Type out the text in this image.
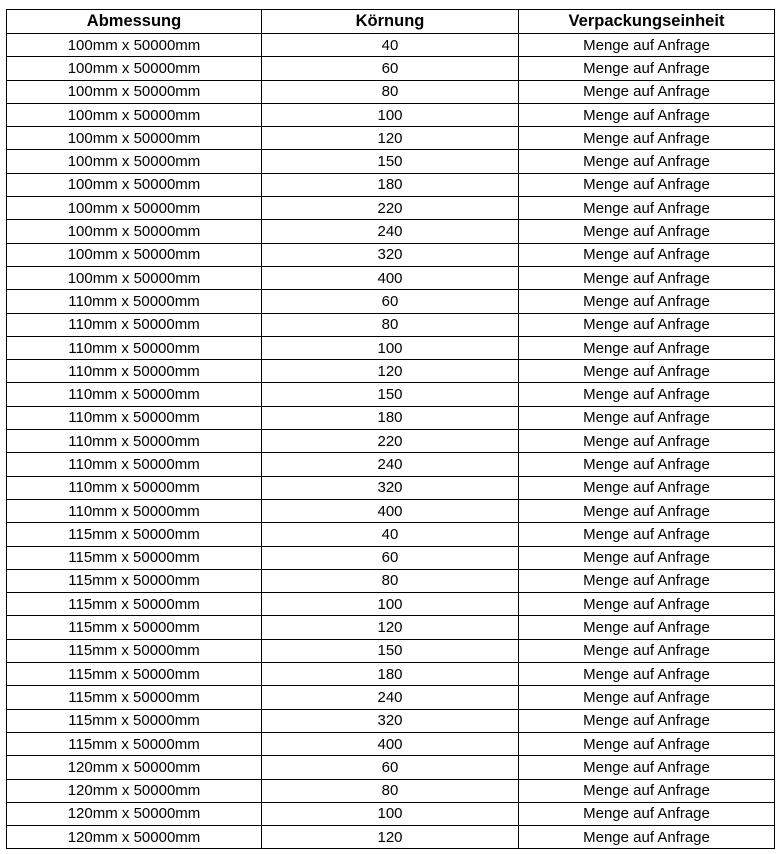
Abmessung	Körnung	Verpackungseinheit
100mm x 50000mm	40	Menge auf Anfrage
100mm x 50000mm	60	Menge auf Anfrage
100mm x 50000mm	80	Menge auf Anfrage
100mm x 50000mm	100	Menge auf Anfrage
100mm x 50000mm	120	Menge auf Anfrage
100mm x 50000mm	150	Menge auf Anfrage
100mm x 50000mm	180	Menge auf Anfrage
100mm x 50000mm	220	Menge auf Anfrage
100mm x 50000mm	240	Menge auf Anfrage
100mm x 50000mm	320	Menge auf Anfrage
100mm x 50000mm	400	Menge auf Anfrage
110mm x 50000mm	60	Menge auf Anfrage
110mm x 50000mm	80	Menge auf Anfrage
110mm x 50000mm	100	Menge auf Anfrage
110mm x 50000mm	120	Menge auf Anfrage
110mm x 50000mm	150	Menge auf Anfrage
110mm x 50000mm	180	Menge auf Anfrage
110mm x 50000mm	220	Menge auf Anfrage
110mm x 50000mm	240	Menge auf Anfrage
110mm x 50000mm	320	Menge auf Anfrage
110mm x 50000mm	400	Menge auf Anfrage
115mm x 50000mm	40	Menge auf Anfrage
115mm x 50000mm	60	Menge auf Anfrage
115mm x 50000mm	80	Menge auf Anfrage
115mm x 50000mm	100	Menge auf Anfrage
115mm x 50000mm	120	Menge auf Anfrage
115mm x 50000mm	150	Menge auf Anfrage
115mm x 50000mm	180	Menge auf Anfrage
115mm x 50000mm	240	Menge auf Anfrage
115mm x 50000mm	320	Menge auf Anfrage
115mm x 50000mm	400	Menge auf Anfrage
120mm x 50000mm	60	Menge auf Anfrage
120mm x 50000mm	80	Menge auf Anfrage
120mm x 50000mm	100	Menge auf Anfrage
120mm x 50000mm	120	Menge auf Anfrage
